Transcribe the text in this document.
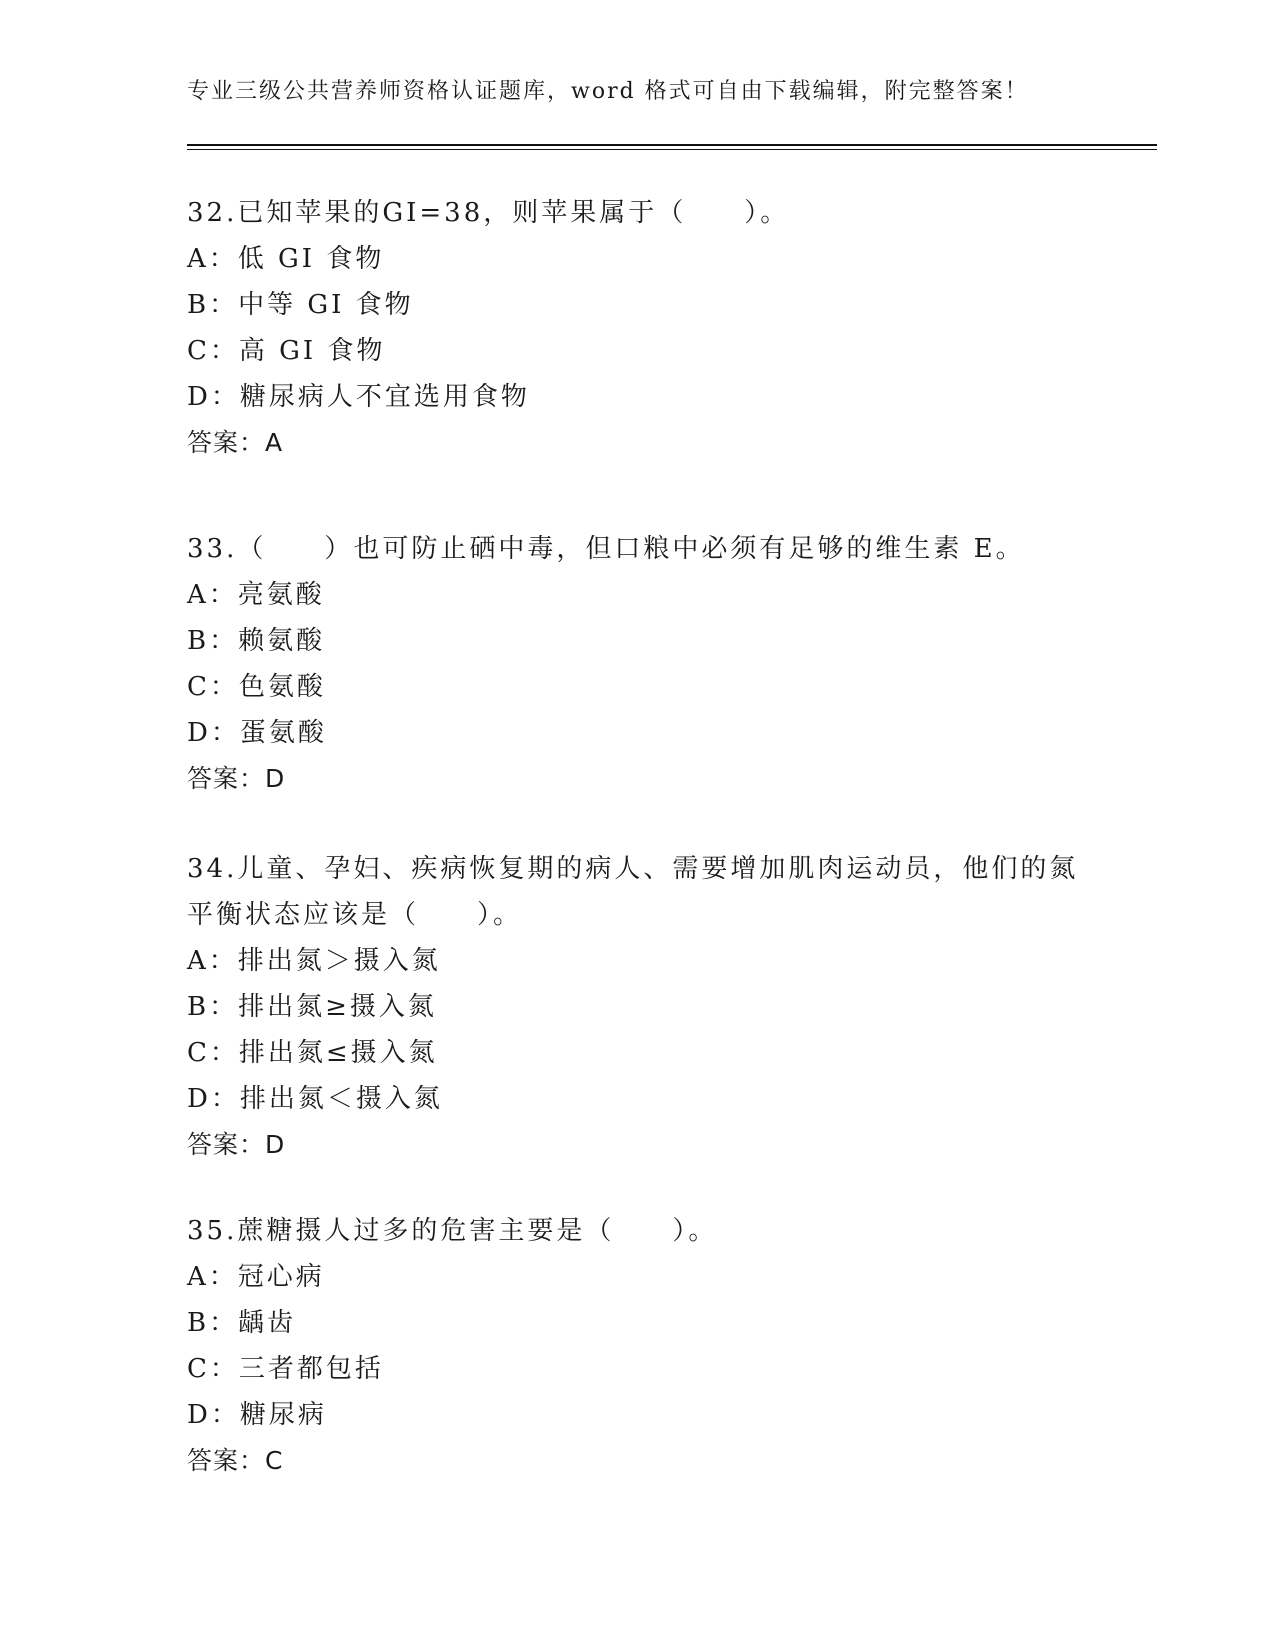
专业三级公共营养师资格认证题库，word 格式可自由下载编辑，附完整答案！
32.已知苹果的GI=38，则苹果属于（　　）。
A：低 GI 食物
B：中等 GI 食物
C：高 GI 食物
D：糖尿病人不宜选用食物
答案：A
33.（　　）也可防止硒中毒，但口粮中必须有足够的维生素 E。
A：亮氨酸
B：赖氨酸
C：色氨酸
D：蛋氨酸
答案：D
34.儿童、孕妇、疾病恢复期的病人、需要增加肌肉运动员，他们的氮
平衡状态应该是（　　）。
A：排出氮＞摄入氮
B：排出氮≥摄入氮
C：排出氮≤摄入氮
D：排出氮＜摄入氮
答案：D
35.蔗糖摄人过多的危害主要是（　　）。
A：冠心病
B：龋齿
C：三者都包括
D：糖尿病
答案：C
